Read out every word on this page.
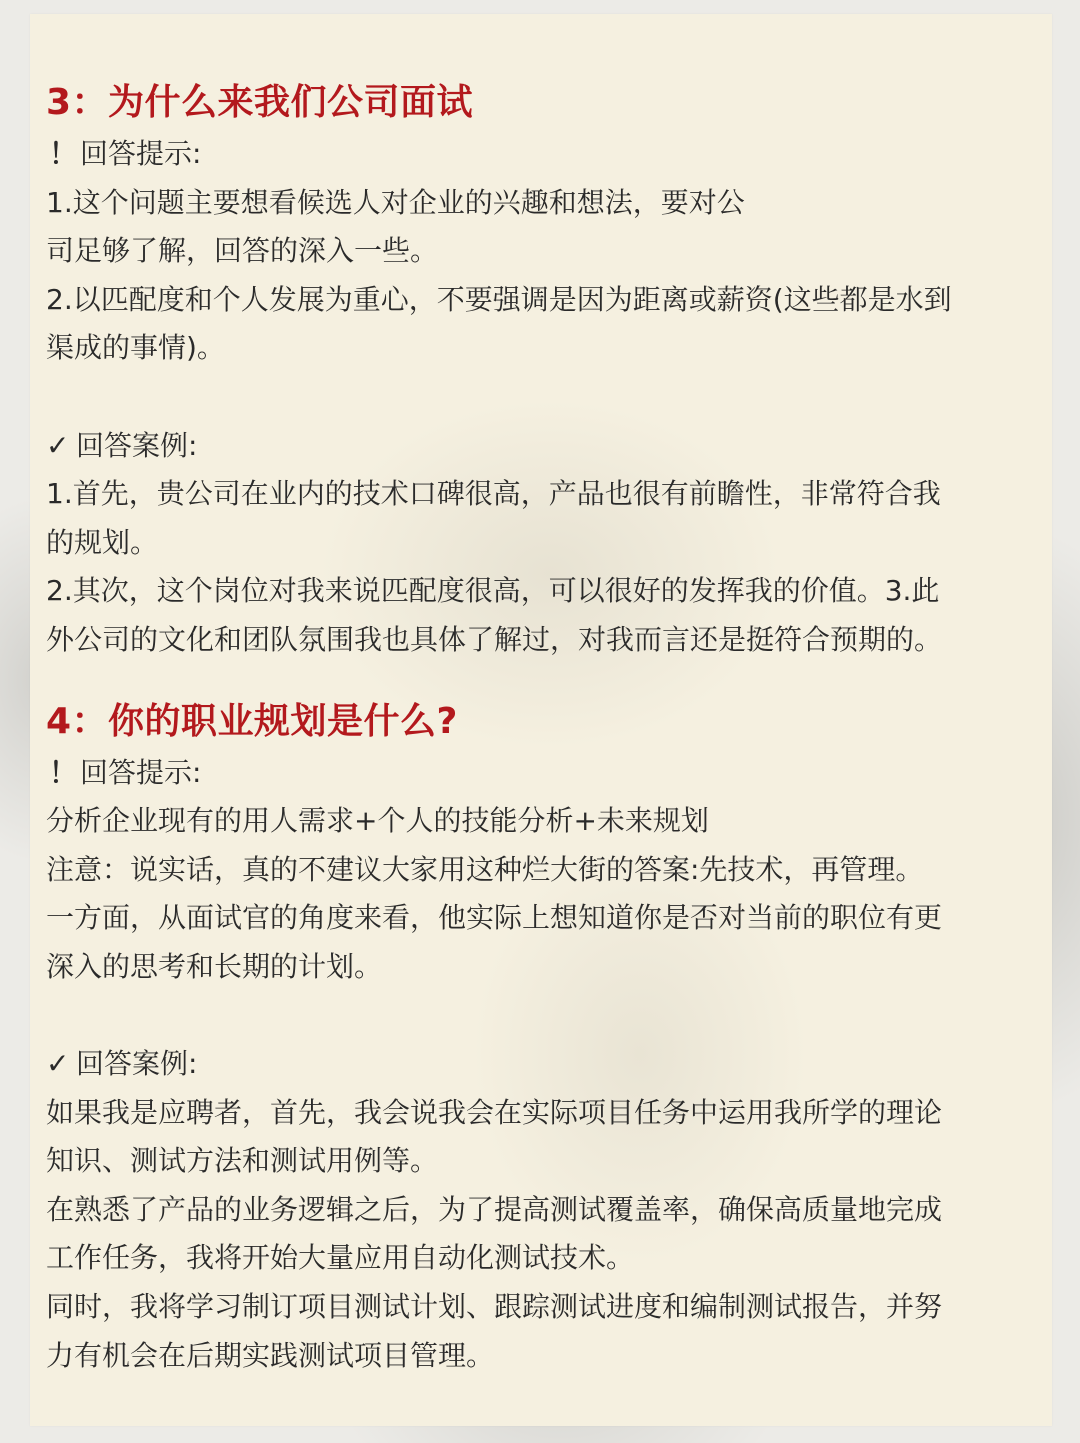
3：为什么来我们公司面试
！ 回答提示:
1.这个问题主要想看候选人对企业的兴趣和想法，要对公
司足够了解，回答的深入一些。
2.以匹配度和个人发展为重心，不要强调是因为距离或薪资(这些都是水到
渠成的事情)。
✓ 回答案例:
1.首先，贵公司在业内的技术口碑很高，产品也很有前瞻性，非常符合我
的规划。
2.其次，这个岗位对我来说匹配度很高，可以很好的发挥我的价值。3.此
外公司的文化和团队氛围我也具体了解过，对我而言还是挺符合预期的。
4：你的职业规划是什么?
！ 回答提示:
分析企业现有的用人需求+个人的技能分析+未来规划
注意：说实话，真的不建议大家用这种烂大街的答案:先技术，再管理。
一方面，从面试官的角度来看，他实际上想知道你是否对当前的职位有更
深入的思考和长期的计划。
✓ 回答案例:
如果我是应聘者，首先，我会说我会在实际项目任务中运用我所学的理论
知识、测试方法和测试用例等。
在熟悉了产品的业务逻辑之后，为了提高测试覆盖率，确保高质量地完成
工作任务，我将开始大量应用自动化测试技术。
同时，我将学习制订项目测试计划、跟踪测试进度和编制测试报告，并努
力有机会在后期实践测试项目管理。
